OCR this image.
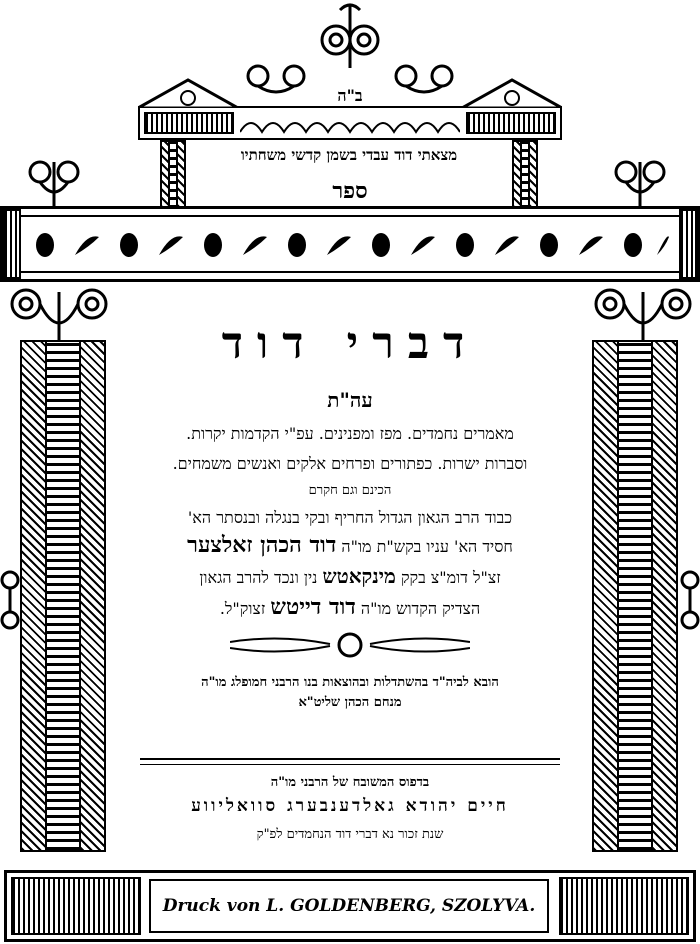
ב"ה
מצאתי דוד עבדי בשמן קדשי משחתיו
ספר
דברי דוד
עה"ת
מאמרים נחמדים. מפז ומפנינים. עפ"י הקדמות יקרות.
וסברות ישרות. כפתורים ופרחים אלקים ואנשים משמחים.
הכינם וגם חקרם
כבוד הרב הגאון הגדול החריף ובקי בנגלה ובנסתר הא'
חסיד הא' עניו בקש"ת מו"ה דוד הכהן זאלצער
זצ"ל דומ"צ בקק מינקאטש נין ונכד להרב הגאון
הצדיק הקדוש מו"ה דוד דייטש זצוק"ל.
הובא לביה"ד בהשתדלות ובהוצאות בנו הרבני חמופלג מו"ה
מנחם הכהן שליט"א
בדפוס המשובח של הרבני מו"ה
חיים יהודא גאלדענבערג סוואליווע
שנת זכור נא דברי דוד הנחמדים לפ"ק
Druck von L. GOLDENBERG, SZOLYVA.
